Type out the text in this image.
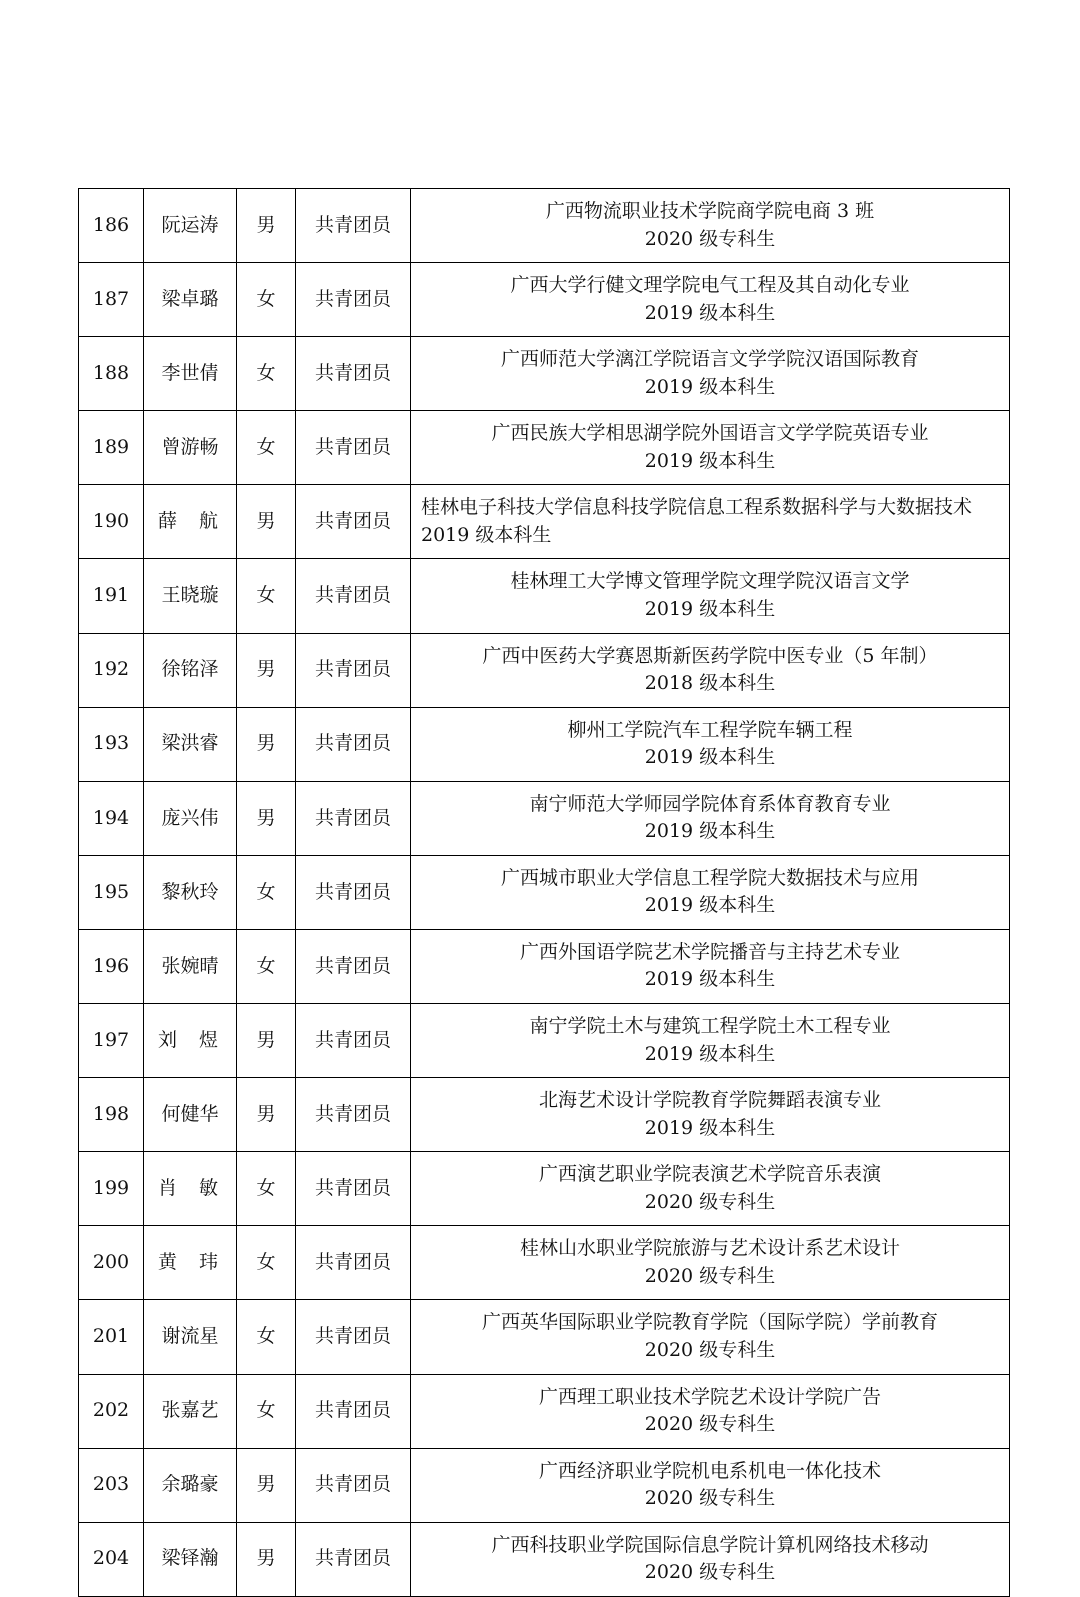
186	阮运涛	男	共青团员	广西物流职业技术学院商学院电商 3 班
2020 级专科生

187	梁卓璐	女	共青团员	广西大学行健文理学院电气工程及其自动化专业
2019 级本科生

188	李世倩	女	共青团员	广西师范大学漓江学院语言文学学院汉语国际教育
2019 级本科生

189	曾游畅	女	共青团员	广西民族大学相思湖学院外国语言文学学院英语专业
2019 级本科生

190	薛 航	男	共青团员	桂林电子科技大学信息科技学院信息工程系数据科学与大数据技术 2019 级本科生

191	王晓璇	女	共青团员	桂林理工大学博文管理学院文理学院汉语言文学
2019 级本科生

192	徐铭泽	男	共青团员	广西中医药大学赛恩斯新医药学院中医专业（5 年制）
2018 级本科生

193	梁洪睿	男	共青团员	柳州工学院汽车工程学院车辆工程
2019 级本科生

194	庞兴伟	男	共青团员	南宁师范大学师园学院体育系体育教育专业
2019 级本科生

195	黎秋玲	女	共青团员	广西城市职业大学信息工程学院大数据技术与应用
2019 级本科生

196	张婉晴	女	共青团员	广西外国语学院艺术学院播音与主持艺术专业
2019 级本科生

197	刘 煜	男	共青团员	南宁学院土木与建筑工程学院土木工程专业
2019 级本科生

198	何健华	男	共青团员	北海艺术设计学院教育学院舞蹈表演专业
2019 级本科生

199	肖 敏	女	共青团员	广西演艺职业学院表演艺术学院音乐表演
2020 级专科生

200	黄 玮	女	共青团员	桂林山水职业学院旅游与艺术设计系艺术设计
2020 级专科生

201	谢流星	女	共青团员	广西英华国际职业学院教育学院（国际学院）学前教育
2020 级专科生

202	张嘉艺	女	共青团员	广西理工职业技术学院艺术设计学院广告
2020 级专科生

203	余璐豪	男	共青团员	广西经济职业学院机电系机电一体化技术
2020 级专科生

204	梁铎瀚	男	共青团员	广西科技职业学院国际信息学院计算机网络技术移动
2020 级专科生
